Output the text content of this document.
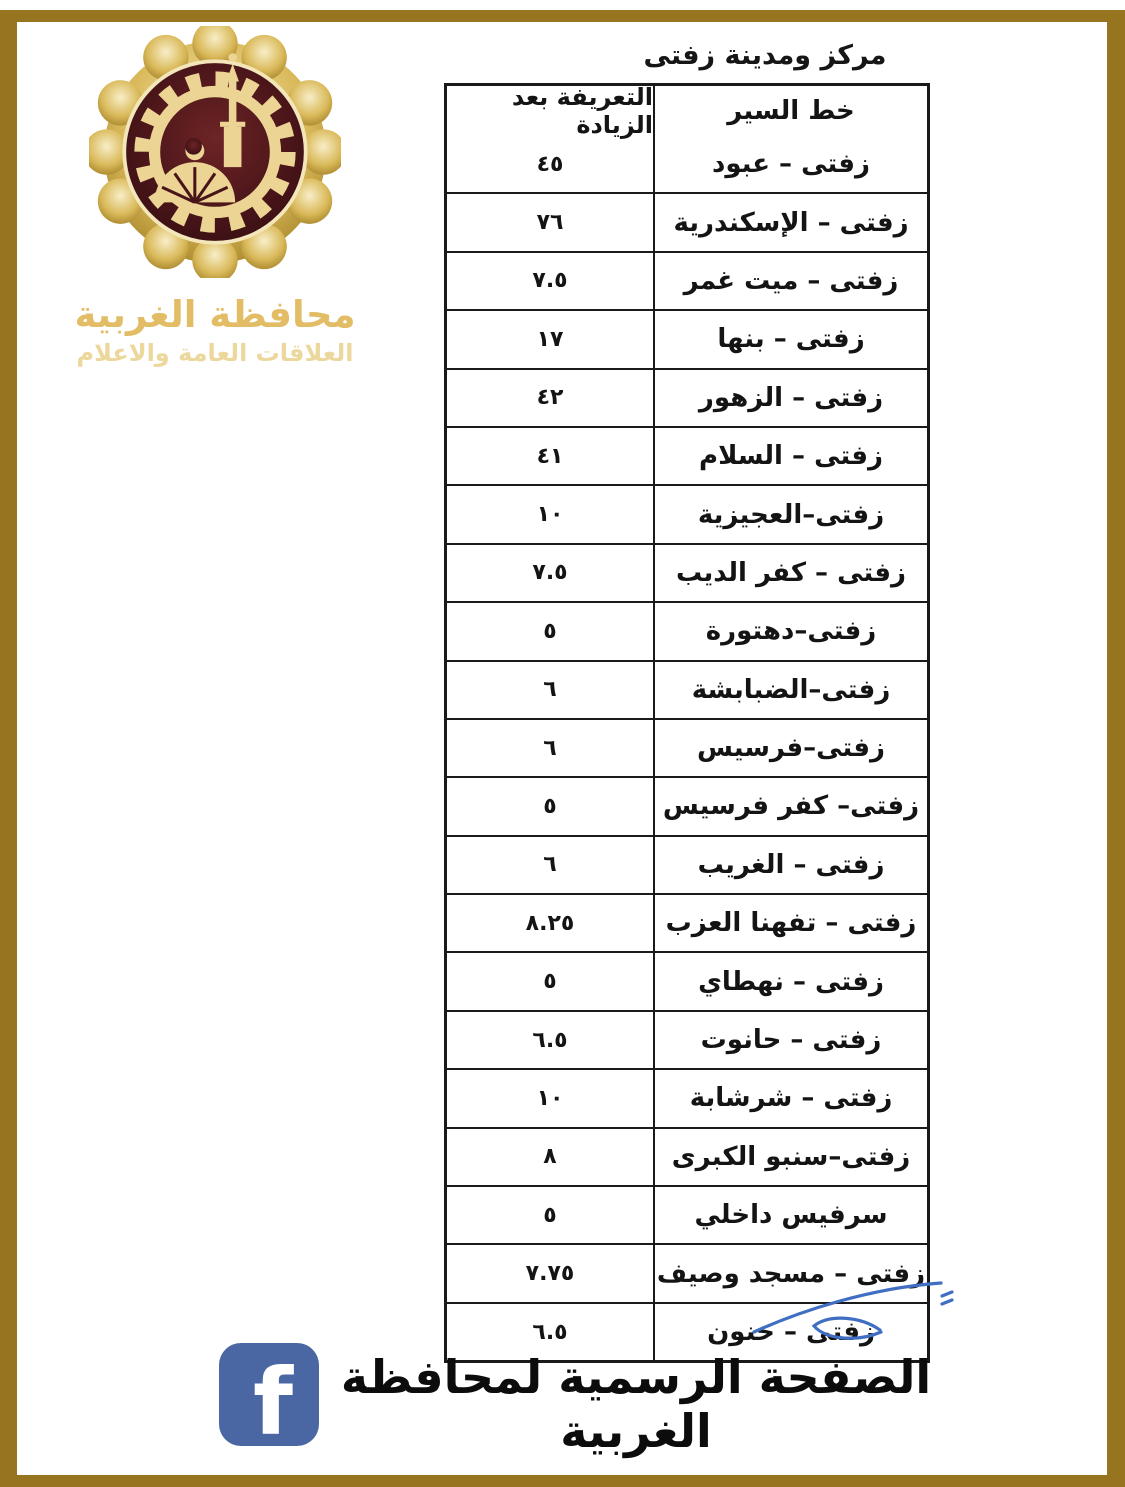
محافظة الغربية
العلاقات العامة والاعلام
مركز ومدينة زفتى
التعريفة بعد الزيادة	خط السير
٤٥	زفتى – عبود
٧٦	زفتى – الإسكندرية
٧.٥	زفتى – ميت غمر
١٧	زفتى – بنها
٤٢	زفتى – الزهور
٤١	زفتى – السلام
١٠	زفتى–العجيزية
٧.٥	زفتى – كفر الديب
٥	زفتى–دهتورة
٦	زفتى–الضبابشة
٦	زفتى–فرسيس
٥	زفتى– كفر فرسيس
٦	زفتى – الغريب
٨.٢٥	زفتى – تفهنا العزب
٥	زفتى – نهطاي
٦.٥	زفتى – حانوت
١٠	زفتى – شرشابة
٨	زفتى–سنبو الكبرى
٥	سرفيس داخلي
٧.٧٥	زفتى – مسجد وصيف
٦.٥	زفتى – حنون
f	الصفحة الرسمية لمحافظة الغربية
